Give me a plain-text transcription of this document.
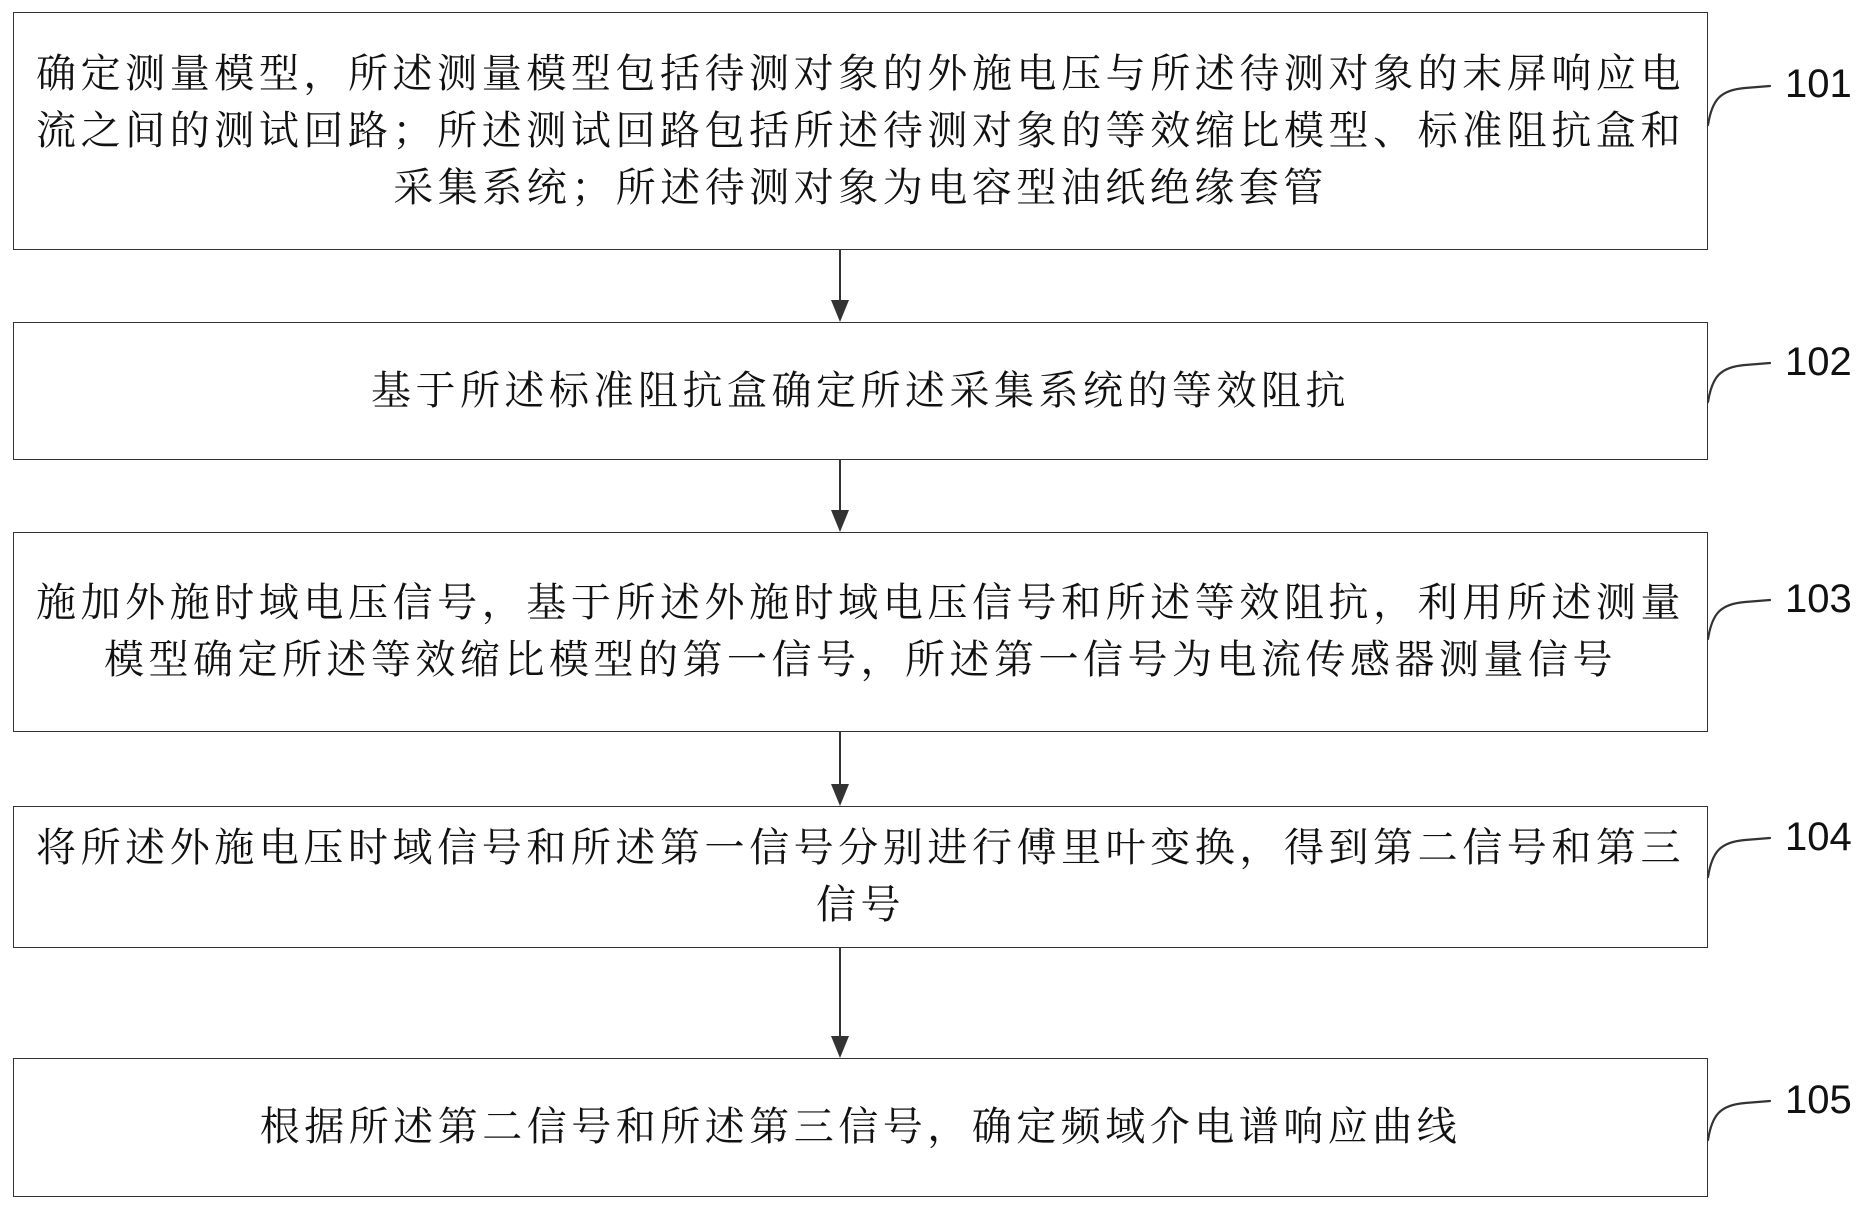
确定测量模型，所述测量模型包括待测对象的外施电压与所述待测对象的末屏响应电流之间的测试回路；所述测试回路包括所述待测对象的等效缩比模型、标准阻抗盒和采集系统；所述待测对象为电容型油纸绝缘套管
基于所述标准阻抗盒确定所述采集系统的等效阻抗
施加外施时域电压信号，基于所述外施时域电压信号和所述等效阻抗，利用所述测量模型确定所述等效缩比模型的第一信号，所述第一信号为电流传感器测量信号
将所述外施电压时域信号和所述第一信号分别进行傅里叶变换，得到第二信号和第三信号
根据所述第二信号和所述第三信号，确定频域介电谱响应曲线
101
102
103
104
105
